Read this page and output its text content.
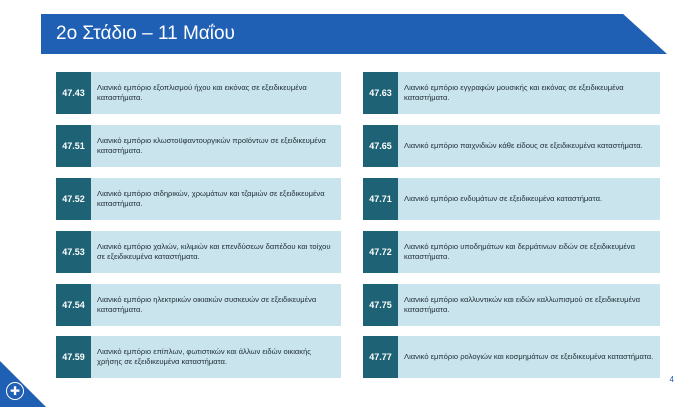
2ο Στάδιο – 11 Μαΐου
47.43
Λιανικό εμπόριο εξοπλισμού ήχου και εικόνας σε εξειδικευμένα καταστήματα.
47.51
Λιανικό εμπόριο κλωστοϋφαντουργικών προϊόντων σε εξειδικευμένα καταστήματα.
47.52
Λιανικό εμπόριο σιδηρικών, χρωμάτων και τζαμιών σε εξειδικευμένα καταστήματα.
47.53
Λιανικό εμπόριο χαλιών, κιλιμιών και επενδύσεων δαπέδου και τοίχου σε εξειδικευμένα καταστήματα.
47.54
Λιανικό εμπόριο ηλεκτρικών οικιακών συσκευών σε εξειδικευμένα καταστήματα.
47.59
Λιανικό εμπόριο επίπλων, φωτιστικών και άλλων ειδών οικιακής χρήσης σε εξειδικευμένα καταστήματα.
47.63
Λιανικό εμπόριο εγγραφών μουσικής και εικόνας σε εξειδικευμένα καταστήματα.
47.65	Λιανικό εμπόριο παιχνιδιών κάθε είδους σε εξειδικευμένα καταστήματα.
47.71	Λιανικό εμπόριο ενδυμάτων σε εξειδικευμένα καταστήματα.
47.72
Λιανικό εμπόριο υποδημάτων και δερμάτινων ειδών σε εξειδικευμένα καταστήματα.
47.75
Λιανικό εμπόριο καλλυντικών και ειδών καλλωπισμού σε εξειδικευμένα καταστήματα.
47.77	Λιανικό εμπόριο ρολογιών και κοσμημάτων σε εξειδικευμένα καταστήματα.
✚
4
